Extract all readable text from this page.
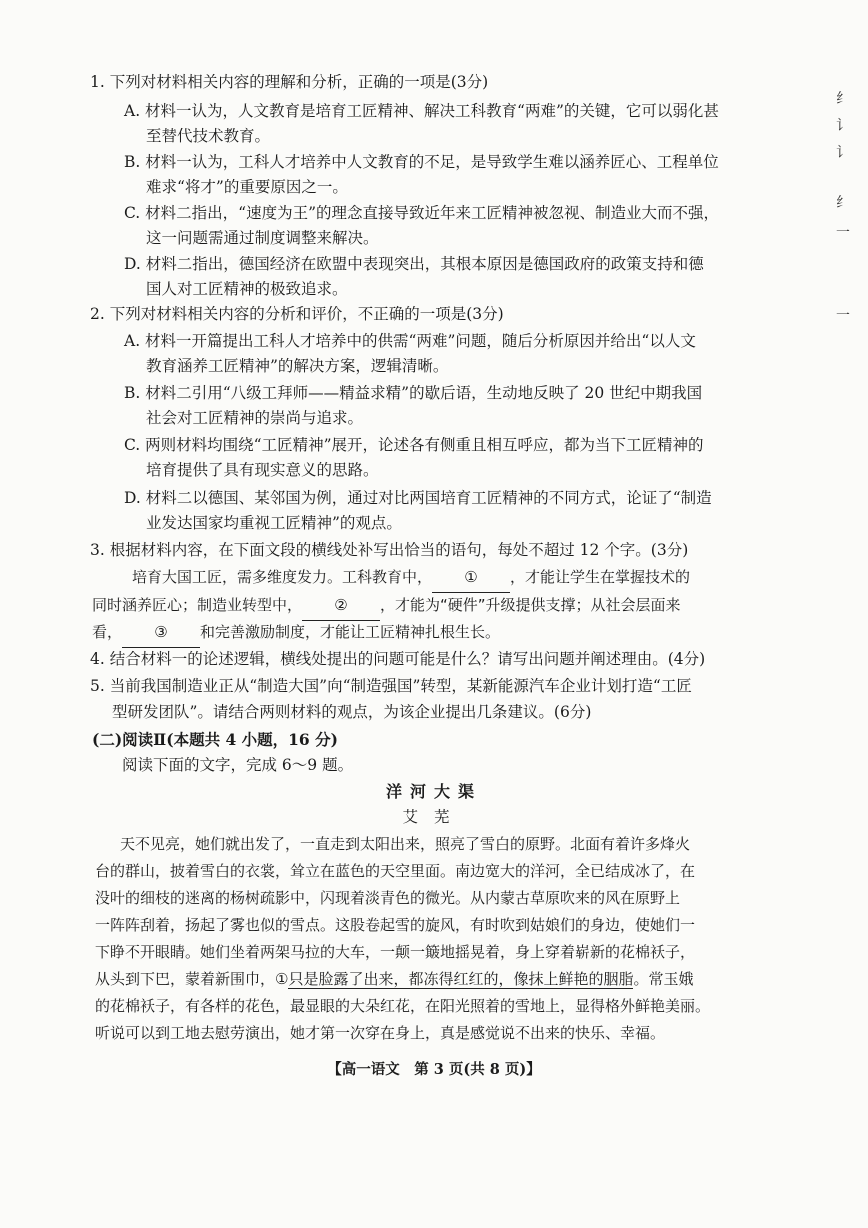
1. 下列对材料相关内容的理解和分析，正确的一项是(3分)
A. 材料一认为，人文教育是培育工匠精神、解决工科教育“两难”的关键，它可以弱化甚
至替代技术教育。
B. 材料一认为，工科人才培养中人文教育的不足，是导致学生难以涵养匠心、工程单位
难求“将才”的重要原因之一。
C. 材料二指出，“速度为王”的理念直接导致近年来工匠精神被忽视、制造业大而不强，
这一问题需通过制度调整来解决。
D. 材料二指出，德国经济在欧盟中表现突出，其根本原因是德国政府的政策支持和德
国人对工匠精神的极致追求。
2. 下列对材料相关内容的分析和评价，不正确的一项是(3分)
A. 材料一开篇提出工科人才培养中的供需“两难”问题，随后分析原因并给出“以人文
教育涵养工匠精神”的解决方案，逻辑清晰。
B. 材料二引用“八级工拜师——精益求精”的歇后语，生动地反映了 20 世纪中期我国
社会对工匠精神的崇尚与追求。
C. 两则材料均围绕“工匠精神”展开，论述各有侧重且相互呼应，都为当下工匠精神的
培育提供了具有现实意义的思路。
D. 材料二以德国、某邻国为例，通过对比两国培育工匠精神的不同方式，论证了“制造
业发达国家均重视工匠精神”的观点。
3. 根据材料内容，在下面文段的横线处补写出恰当的语句，每处不超过 12 个字。(3分)
培育大国工匠，需多维度发力。工科教育中， ① ，才能让学生在掌握技术的
同时涵养匠心；制造业转型中， ② ，才能为“硬件”升级提供支撑；从社会层面来
看， ③ 和完善激励制度，才能让工匠精神扎根生长。
4. 结合材料一的论述逻辑，横线处提出的问题可能是什么？请写出问题并阐述理由。(4分)
5. 当前我国制造业正从“制造大国”向“制造强国”转型，某新能源汽车企业计划打造“工匠
型研发团队”。请结合两则材料的观点，为该企业提出几条建议。(6分)
(二)阅读Ⅱ(本题共 4 小题，16 分)
阅读下面的文字，完成 6～9 题。
洋河大渠
艾芜
天不见亮，她们就出发了，一直走到太阳出来，照亮了雪白的原野。北面有着许多烽火
台的群山，披着雪白的衣裳，耸立在蓝色的天空里面。南边宽大的洋河，全已结成冰了，在
没叶的细枝的迷离的杨树疏影中，闪现着淡青色的微光。从内蒙古草原吹来的风在原野上
一阵阵刮着，扬起了雾也似的雪点。这股卷起雪的旋风，有时吹到姑娘们的身边，使她们一
下睁不开眼睛。她们坐着两架马拉的大车，一颠一簸地摇晃着，身上穿着崭新的花棉袄子，
从头到下巴，蒙着新围巾，①只是脸露了出来，都冻得红红的，像抹上鲜艳的胭脂。常玉娥
的花棉袄子，有各样的花色，最显眼的大朵红花，在阳光照着的雪地上，显得格外鲜艳美丽。
听说可以到工地去慰劳演出，她才第一次穿在身上，真是感觉说不出来的快乐、幸福。
【高一语文　第 3 页(共 8 页)】
纟
讠
讠
纟
一
一
